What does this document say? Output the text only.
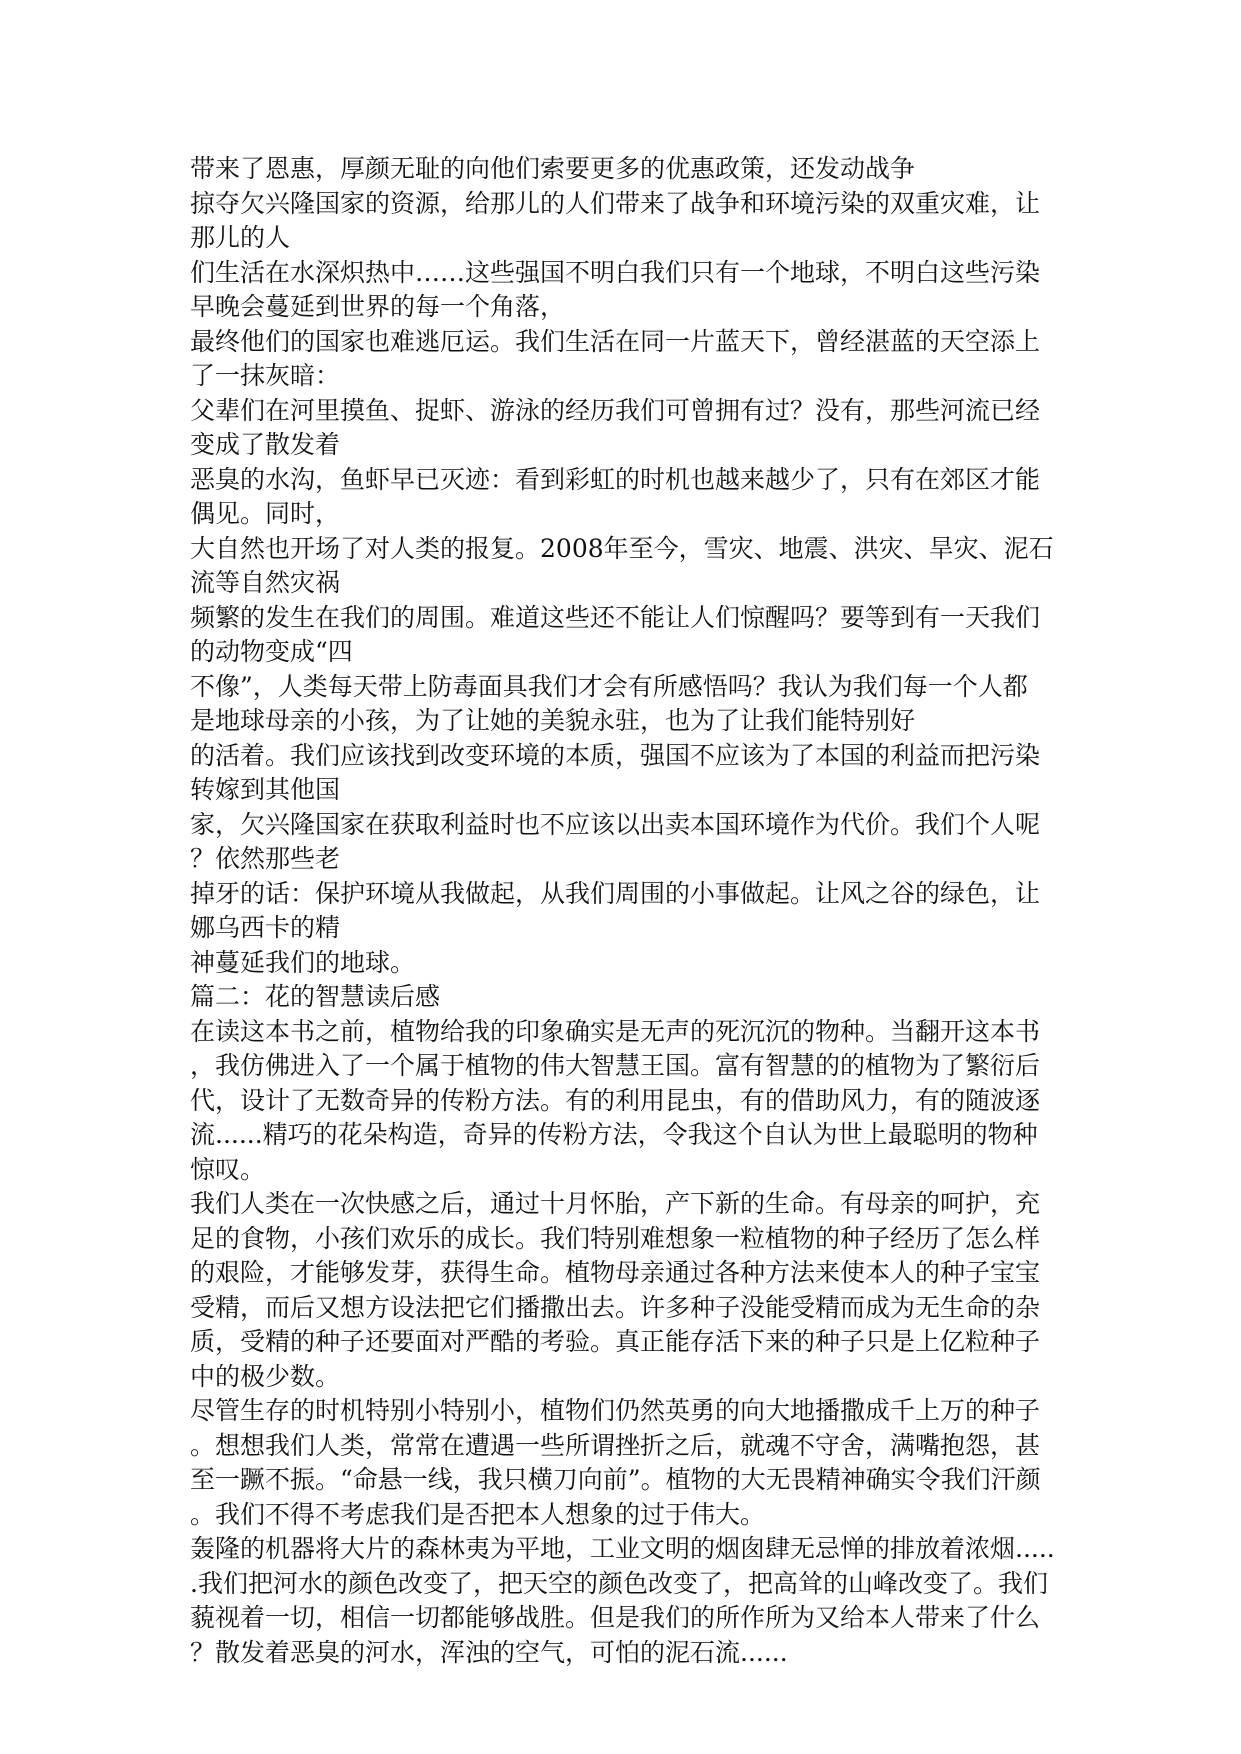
带来了恩惠，厚颜无耻的向他们索要更多的优惠政策，还发动战争
掠夺欠兴隆国家的资源，给那儿的人们带来了战争和环境污染的双重灾难，让
那儿的人
们生活在水深炽热中……这些强国不明白我们只有一个地球，不明白这些污染
早晚会蔓延到世界的每一个角落，
最终他们的国家也难逃厄运。我们生活在同一片蓝天下，曾经湛蓝的天空添上
了一抹灰暗：
父辈们在河里摸鱼、捉虾、游泳的经历我们可曾拥有过？没有，那些河流已经
变成了散发着
恶臭的水沟，鱼虾早已灭迹：看到彩虹的时机也越来越少了，只有在郊区才能
偶见。同时，
大自然也开场了对人类的报复。2008年至今，雪灾、地震、洪灾、旱灾、泥石
流等自然灾祸
频繁的发生在我们的周围。难道这些还不能让人们惊醒吗？要等到有一天我们
的动物变成“四
不像”，人类每天带上防毒面具我们才会有所感悟吗？我认为我们每一个人都
是地球母亲的小孩，为了让她的美貌永驻，也为了让我们能特别好
的活着。我们应该找到改变环境的本质，强国不应该为了本国的利益而把污染
转嫁到其他国
家，欠兴隆国家在获取利益时也不应该以出卖本国环境作为代价。我们个人呢
？依然那些老
掉牙的话：保护环境从我做起，从我们周围的小事做起。让风之谷的绿色，让
娜乌西卡的精
神蔓延我们的地球。
篇二：花的智慧读后感
在读这本书之前，植物给我的印象确实是无声的死沉沉的物种。当翻开这本书
，我仿佛进入了一个属于植物的伟大智慧王国。富有智慧的的植物为了繁衍后
代，设计了无数奇异的传粉方法。有的利用昆虫，有的借助风力，有的随波逐
流......精巧的花朵构造，奇异的传粉方法，令我这个自认为世上最聪明的物种
惊叹。
我们人类在一次快感之后，通过十月怀胎，产下新的生命。有母亲的呵护，充
足的食物，小孩们欢乐的成长。我们特别难想象一粒植物的种子经历了怎么样
的艰险，才能够发芽，获得生命。植物母亲通过各种方法来使本人的种子宝宝
受精，而后又想方设法把它们播撒出去。许多种子没能受精而成为无生命的杂
质，受精的种子还要面对严酷的考验。真正能存活下来的种子只是上亿粒种子
中的极少数。
尽管生存的时机特别小特别小，植物们仍然英勇的向大地播撒成千上万的种子
。想想我们人类，常常在遭遇一些所谓挫折之后，就魂不守舍，满嘴抱怨，甚
至一蹶不振。“命悬一线，我只横刀向前”。植物的大无畏精神确实令我们汗颜
。我们不得不考虑我们是否把本人想象的过于伟大。
轰隆的机器将大片的森林夷为平地，工业文明的烟囱肆无忌惮的排放着浓烟.....
.我们把河水的颜色改变了，把天空的颜色改变了，把高耸的山峰改变了。我们
藐视着一切，相信一切都能够战胜。但是我们的所作所为又给本人带来了什么
？散发着恶臭的河水，浑浊的空气，可怕的泥石流......
